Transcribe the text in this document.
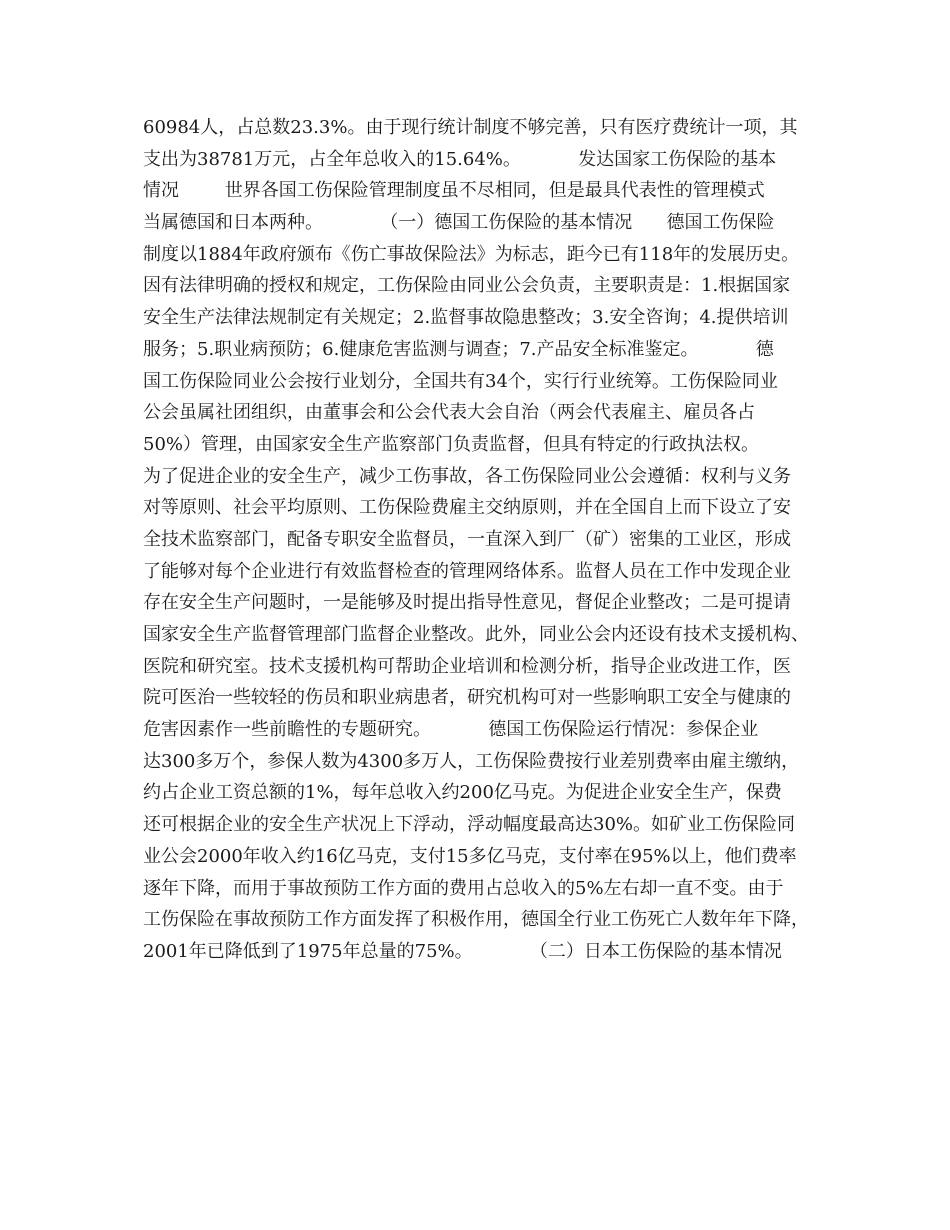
60984人，占总数23.3%。由于现行统计制度不够完善，只有医疗费统计一项，其
支出为38781万元，占全年总收入的15.64%。          发达国家工伤保险的基本
情况        世界各国工伤保险管理制度虽不尽相同，但是最具代表性的管理模式
当属德国和日本两种。          （一）德国工伤保险的基本情况      德国工伤保险
制度以1884年政府颁布《伤亡事故保险法》为标志，距今已有118年的发展历史。
因有法律明确的授权和规定，工伤保险由同业公会负责，主要职责是：1.根据国家
安全生产法律法规制定有关规定；2.监督事故隐患整改；3.安全咨询；4.提供培训
服务；5.职业病预防；6.健康危害监测与调查；7.产品安全标准鉴定。          德
国工伤保险同业公会按行业划分，全国共有34个，实行行业统筹。工伤保险同业
公会虽属社团组织，由董事会和公会代表大会自治（两会代表雇主、雇员各占
50%）管理，由国家安全生产监察部门负责监督，但具有特定的行政执法权。
为了促进企业的安全生产，减少工伤事故，各工伤保险同业公会遵循：权利与义务
对等原则、社会平均原则、工伤保险费雇主交纳原则，并在全国自上而下设立了安
全技术监察部门，配备专职安全监督员，一直深入到厂（矿）密集的工业区，形成
了能够对每个企业进行有效监督检查的管理网络体系。监督人员在工作中发现企业
存在安全生产问题时，一是能够及时提出指导性意见，督促企业整改；二是可提请
国家安全生产监督管理部门监督企业整改。此外，同业公会内还设有技术支援机构、
医院和研究室。技术支援机构可帮助企业培训和检测分析，指导企业改进工作，医
院可医治一些较轻的伤员和职业病患者，研究机构可对一些影响职工安全与健康的
危害因素作一些前瞻性的专题研究。          德国工伤保险运行情况：参保企业
达300多万个，参保人数为4300多万人，工伤保险费按行业差别费率由雇主缴纳，
约占企业工资总额的1%，每年总收入约200亿马克。为促进企业安全生产，保费
还可根据企业的安全生产状况上下浮动，浮动幅度最高达30%。如矿业工伤保险同
业公会2000年收入约16亿马克，支付15多亿马克，支付率在95%以上，他们费率
逐年下降，而用于事故预防工作方面的费用占总收入的5%左右却一直不变。由于
工伤保险在事故预防工作方面发挥了积极作用，德国全行业工伤死亡人数年年下降，
2001年已降低到了1975年总量的75%。          （二）日本工伤保险的基本情况
